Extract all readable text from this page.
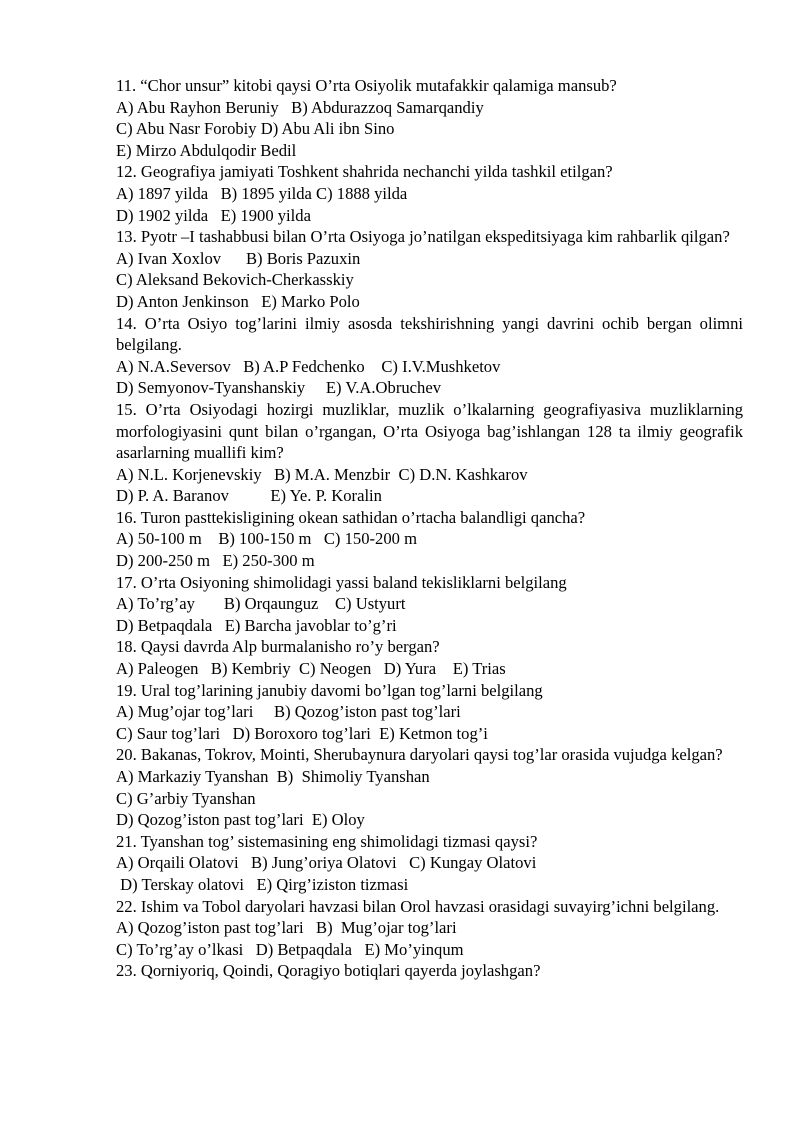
11. “Chor unsur” kitobi qaysi O’rta Osiyolik mutafakkir qalamiga mansub?
A) Abu Rayhon Beruniy   B) Abdurazzoq Samarqandiy
C) Abu Nasr Forobiy D) Abu Ali ibn Sino
E) Mirzo Abdulqodir Bedil
12. Geografiya jamiyati Toshkent shahrida nechanchi yilda tashkil etilgan?
A) 1897 yilda   B) 1895 yilda C) 1888 yilda
D) 1902 yilda   E) 1900 yilda
13. Pyotr –I tashabbusi bilan O’rta Osiyoga jo’natilgan ekspeditsiyaga kim rahbarlik qilgan?
A) Ivan Xoxlov      B) Boris Pazuxin
C) Aleksand Bekovich-Cherkasskiy
D) Anton Jenkinson   E) Marko Polo
14. O’rta Osiyo tog’larini ilmiy asosda tekshirishning yangi davrini ochib bergan olimni belgilang.
A) N.A.Seversov   B) A.P Fedchenko    C) I.V.Mushketov
D) Semyonov-Tyanshanskiy     E) V.A.Obruchev
15. O’rta Osiyodagi hozirgi muzliklar, muzlik o’lkalarning geografiyasiva muzliklarning morfologiyasini qunt bilan o’rgangan, O’rta Osiyoga bag’ishlangan 128 ta ilmiy geografik asarlarning muallifi kim?
A) N.L. Korjenevskiy   B) M.A. Menzbir  C) D.N. Kashkarov
D) P. A. Baranov          E) Ye. P. Koralin
16. Turon pasttekisligining okean sathidan o’rtacha balandligi qancha?
A) 50-100 m    B) 100-150 m   C) 150-200 m
D) 200-250 m   E) 250-300 m
17. O’rta Osiyoning shimolidagi yassi baland tekisliklarni belgilang
A) To’rg’ay       B) Orqaunguz    C) Ustyurt
D) Betpaqdala   E) Barcha javoblar to’g’ri
18. Qaysi davrda Alp burmalanisho ro’y bergan?
A) Paleogen   B) Kembriy  C) Neogen   D) Yura    E) Trias
19. Ural tog’larining janubiy davomi bo’lgan tog’larni belgilang
A) Mug’ojar tog’lari     B) Qozog’iston past tog’lari
C) Saur tog’lari   D) Boroxoro tog’lari  E) Ketmon tog’i
20. Bakanas, Tokrov, Mointi, Sherubaynura daryolari qaysi tog’lar orasida vujudga kelgan?
A) Markaziy Tyanshan  B)  Shimoliy Tyanshan
C) G’arbiy Tyanshan
D) Qozog’iston past tog’lari  E) Oloy
21. Tyanshan tog’ sistemasining eng shimolidagi tizmasi qaysi?
A) Orqaili Olatovi   B) Jung’oriya Olatovi   C) Kungay Olatovi
D) Terskay olatovi   E) Qirg’iziston tizmasi
22. Ishim va Tobol daryolari havzasi bilan Orol havzasi orasidagi suvayirg’ichni belgilang.
A) Qozog’iston past tog’lari   B)  Mug’ojar tog’lari
C) To’rg’ay o’lkasi   D) Betpaqdala   E) Mo’yinqum
23. Qorniyoriq, Qoindi, Qoragiyo botiqlari qayerda joylashgan?
